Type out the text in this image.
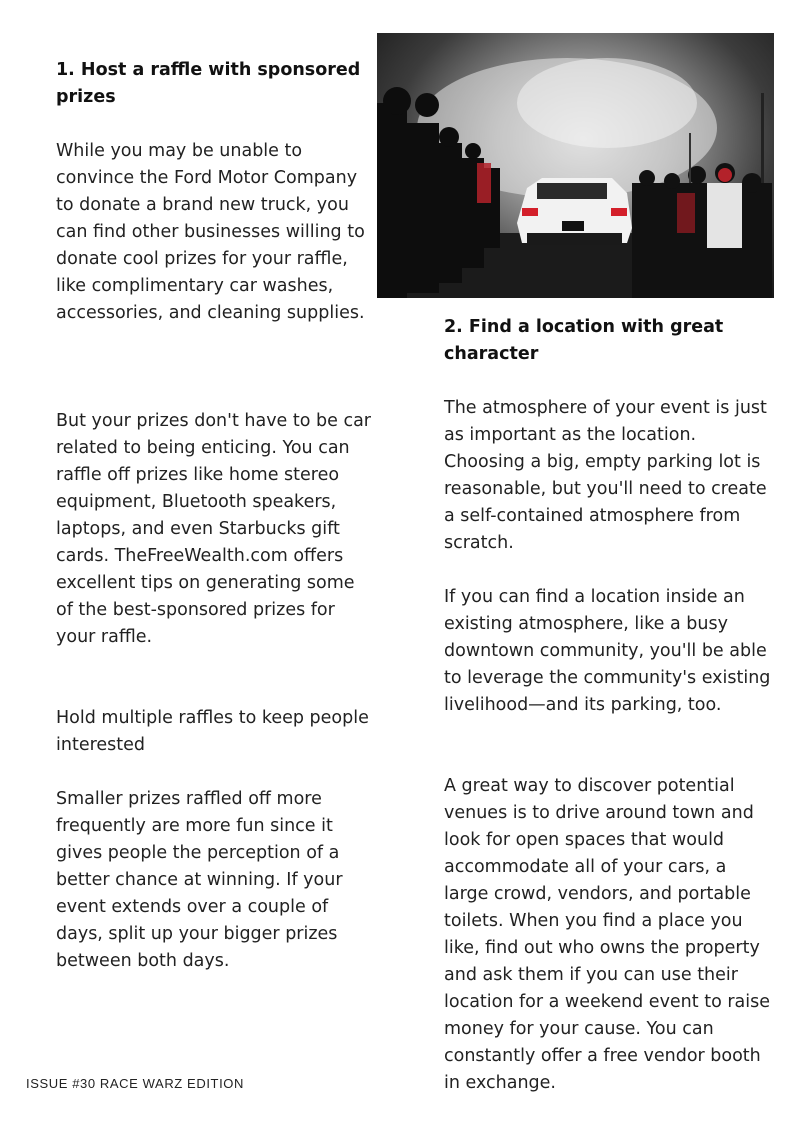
1. Host a raffle with sponsored prizes

While you may be unable to convince the Ford Motor Company to donate a brand new truck, you can find other businesses willing to donate cool prizes for your raffle, like complimentary car washes, accessories, and cleaning supplies.

But your prizes don't have to be car related to being enticing. You can raffle off prizes like home stereo equipment, Bluetooth speakers, laptops, and even Starbucks gift cards. TheFreeWealth.com offers excellent tips on generating some of the best-sponsored prizes for your raffle.

Hold multiple raffles to keep people interested

Smaller prizes raffled off more frequently are more fun since it gives people the perception of a better chance at winning. If your event extends over a couple of days, split up your bigger prizes between both days.

2. Find a location with great character

The atmosphere of your event is just as important as the location. Choosing a big, empty parking lot is reasonable, but you'll need to create a self-contained atmosphere from scratch.

If you can find a location inside an existing atmosphere, like a busy downtown community, you'll be able to leverage the community's existing livelihood—and its parking, too.

A great way to discover potential venues is to drive around town and look for open spaces that would accommodate all of your cars, a large crowd, vendors, and portable toilets. When you find a place you like, find out who owns the property and ask them if you can use their location for a weekend event to raise money for your cause. You can constantly offer a free vendor booth in exchange.

ISSUE #30 RACE WARZ EDITION
